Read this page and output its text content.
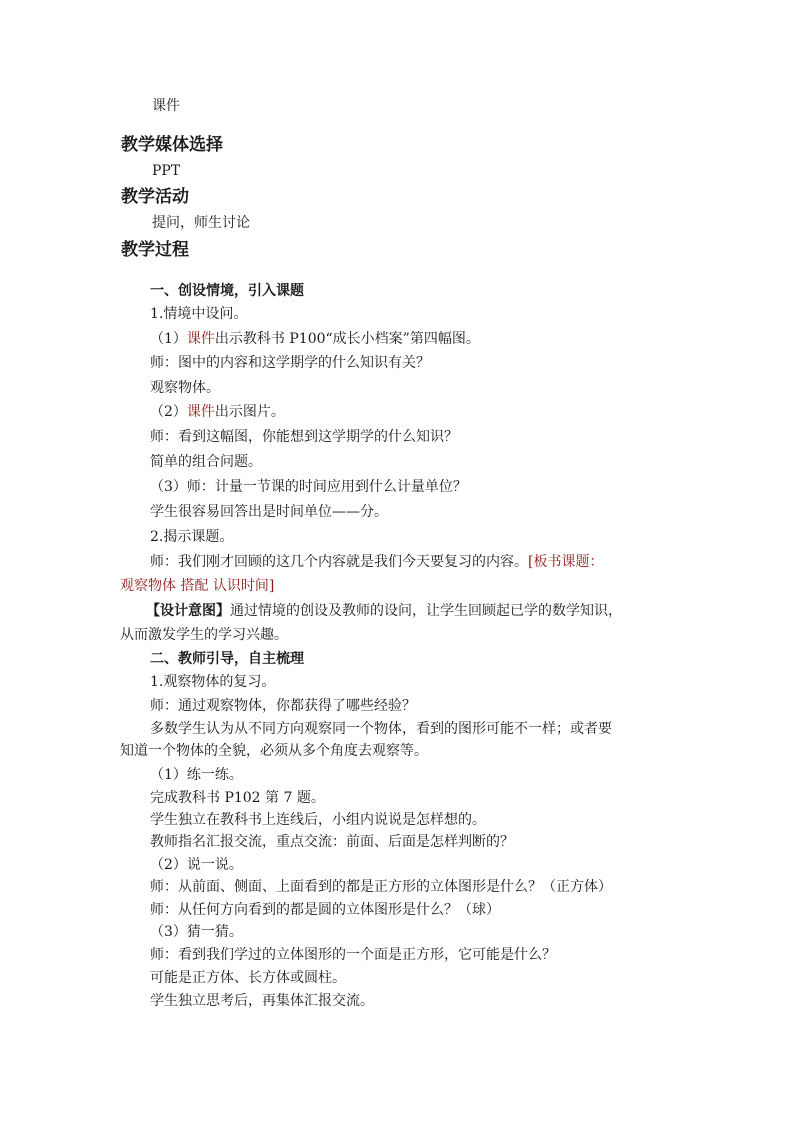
课件
教学媒体选择
PPT
教学活动
提问，师生讨论
教学过程
一、创设情境，引入课题
1.情境中设问。
（1）课件出示教科书 P100“成长小档案”第四幅图。
师：图中的内容和这学期学的什么知识有关？
观察物体。
（2）课件出示图片。
师：看到这幅图，你能想到这学期学的什么知识？
简单的组合问题。
（3）师：计量一节课的时间应用到什么计量单位？
学生很容易回答出是时间单位——分。
2.揭示课题。
师：我们刚才回顾的这几个内容就是我们今天要复习的内容。[板书课题：
观察物体 搭配 认识时间]
【设计意图】通过情境的创设及教师的设问，让学生回顾起已学的数学知识，
从而激发学生的学习兴趣。
二、教师引导，自主梳理
1.观察物体的复习。
师：通过观察物体，你都获得了哪些经验？
多数学生认为从不同方向观察同一个物体，看到的图形可能不一样；或者要
知道一个物体的全貌，必须从多个角度去观察等。
（1）练一练。
完成教科书 P102 第 7 题。
学生独立在教科书上连线后，小组内说说是怎样想的。
教师指名汇报交流，重点交流：前面、后面是怎样判断的？
（2）说一说。
师：从前面、侧面、上面看到的都是正方形的立体图形是什么？（正方体）
师：从任何方向看到的都是圆的立体图形是什么？（球）
（3）猜一猜。
师：看到我们学过的立体图形的一个面是正方形，它可能是什么？
可能是正方体、长方体或圆柱。
学生独立思考后，再集体汇报交流。
